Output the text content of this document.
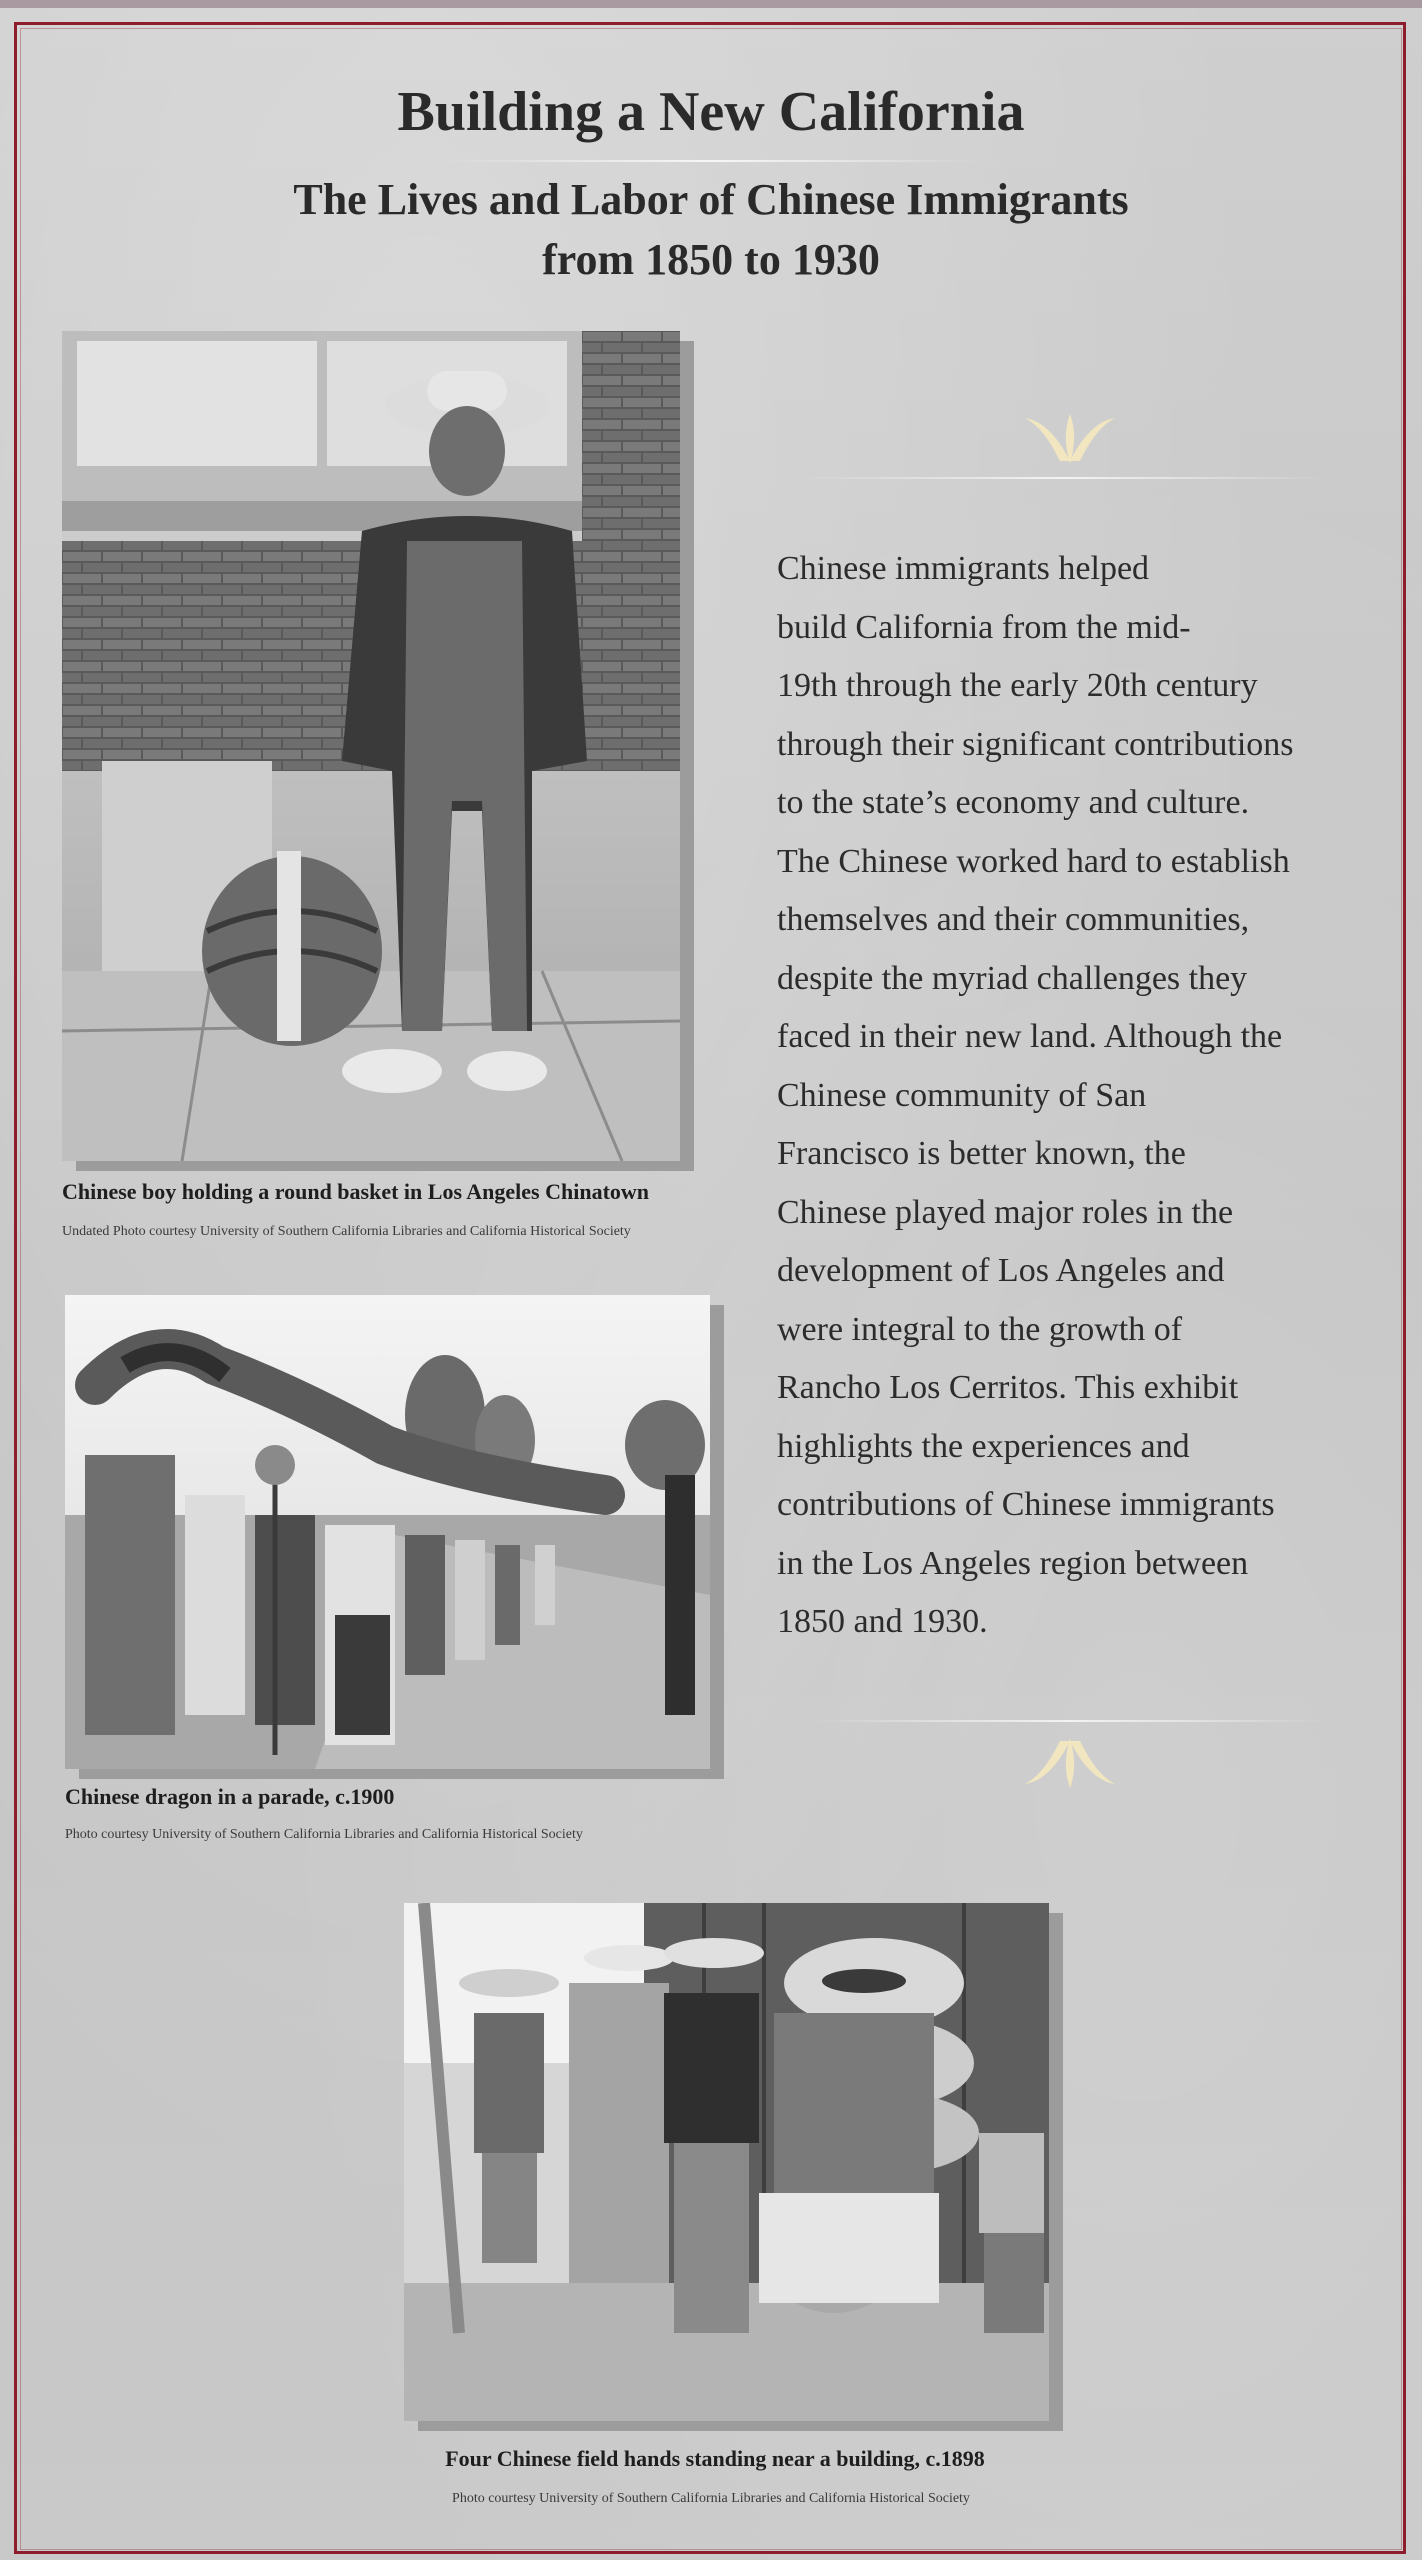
Building a New California
The Lives and Labor of Chinese Immigrants
from 1850 to 1930
Chinese boy holding a round basket in Los Angeles Chinatown
Undated Photo courtesy University of Southern California Libraries and California Historical Society
Chinese dragon in a parade, c.1900
Photo courtesy University of Southern California Libraries and California Historical Society
Four Chinese field hands standing near a building, c.1898
Photo courtesy University of Southern California Libraries and California Historical Society
Chinese immigrants helped
build California from the mid-
19th through the early 20th century
through their significant contributions
to the state’s economy and culture.
The Chinese worked hard to establish
themselves and their communities,
despite the myriad challenges they
faced in their new land. Although the
Chinese community of San
Francisco is better known, the
Chinese played major roles in the
development of Los Angeles and
were integral to the growth of
Rancho Los Cerritos. This exhibit
highlights the experiences and
contributions of Chinese immigrants
in the Los Angeles region between
1850 and 1930.
